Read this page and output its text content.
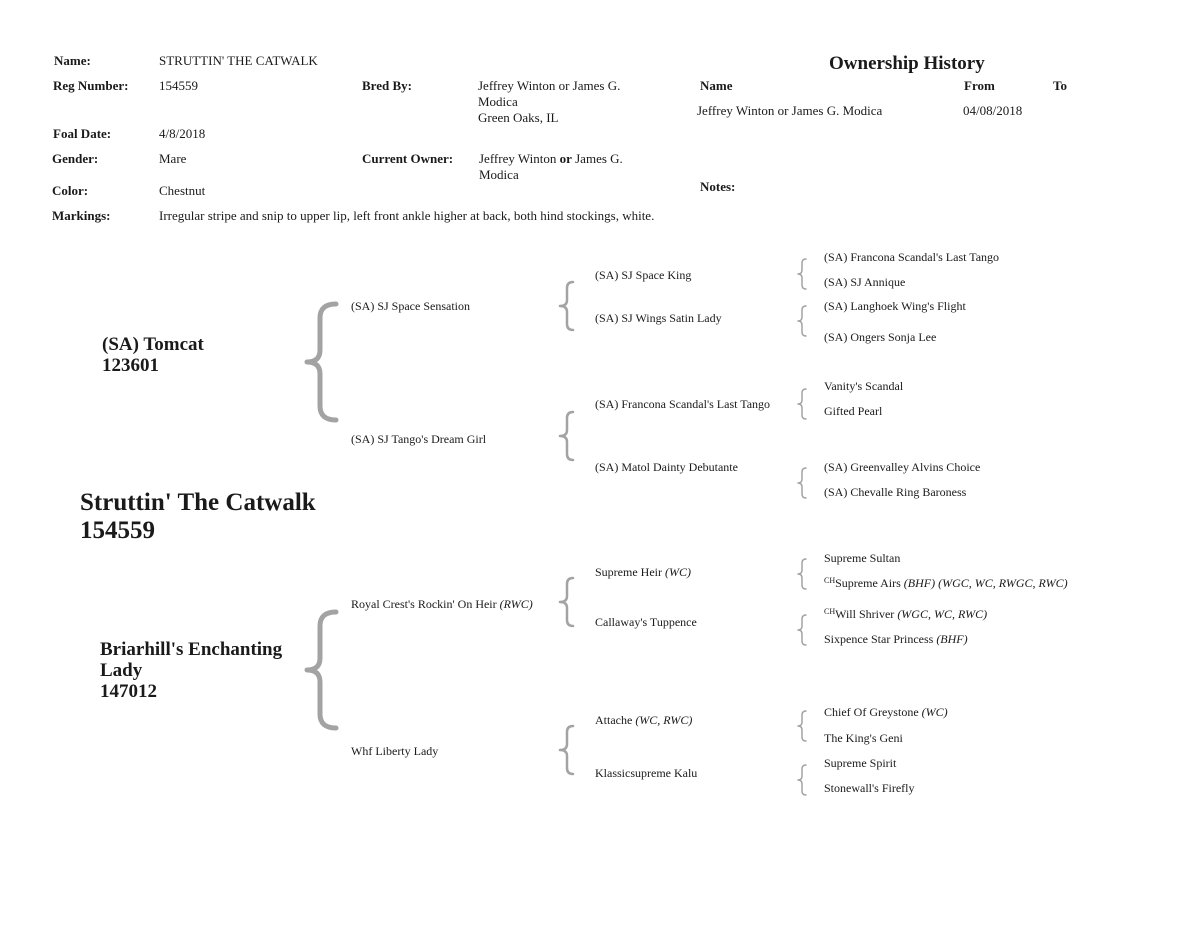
Name:	STRUTTIN' THE CATWALK
Reg Number: 154559	Bred By:	Jeffrey Winton or James G. Modica
Green Oaks, IL
Foal Date:	4/8/2018
Gender:	Mare	Current Owner: Jeffrey Winton or James G. Modica
Color:	Chestnut
Markings:	Irregular stripe and snip to upper lip, left front ankle higher at back, both hind stockings, white.
Ownership History
Name	From	To
Jeffrey Winton or James G. Modica	04/08/2018
Notes:
(SA) Tomcat
123601
Struttin' The Catwalk
154559
Briarhill's Enchanting
Lady
147012
(SA) SJ Space Sensation
(SA) SJ Tango's Dream Girl
Royal Crest's Rockin' On Heir (RWC)
Whf Liberty Lady
(SA) SJ Space King
(SA) SJ Wings Satin Lady
(SA) Francona Scandal's Last Tango
(SA) Matol Dainty Debutante
Supreme Heir (WC)
Callaway's Tuppence
Attache (WC, RWC)
Klassicsupreme Kalu
(SA) Francona Scandal's Last Tango
(SA) SJ Annique
(SA) Langhoek Wing's Flight
(SA) Ongers Sonja Lee
Vanity's Scandal
Gifted Pearl
(SA) Greenvalley Alvins Choice
(SA) Chevalle Ring Baroness
Supreme Sultan
$^{CH}$Supreme Airs (BHF) (WGC, WC, RWGC, RWC)
$^{CH}$Will Shriver (WGC, WC, RWC)
Sixpence Star Princess (BHF)
Chief Of Greystone (WC)
The King's Geni
Supreme Spirit
Stonewall's Firefly
